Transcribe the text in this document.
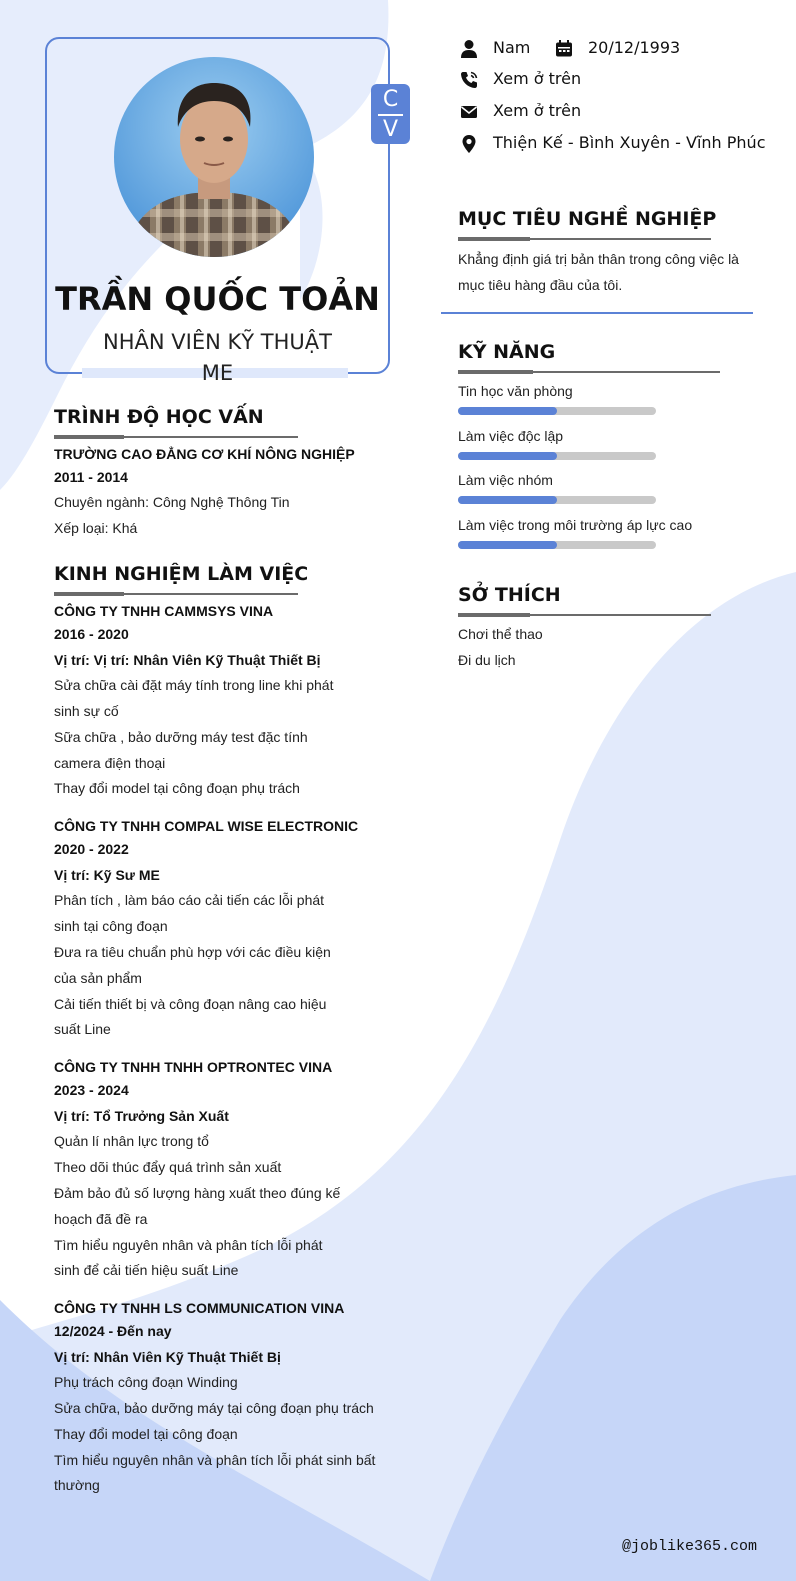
C
V
TRẦN QUỐC TOẢN
NHÂN VIÊN KỸ THUẬT
ME
TRÌNH ĐỘ HỌC VẤN
TRƯỜNG CAO ĐẲNG CƠ KHÍ NÔNG NGHIỆP
2011 - 2014
Chuyên ngành: Công Nghệ Thông Tin
Xếp loại: Khá
KINH NGHIỆM LÀM VIỆC
CÔNG TY TNHH CAMMSYS VINA
2016 - 2020
Vị trí: Vị trí: Nhân Viên Kỹ Thuật Thiết Bị
Sửa chữa cài đặt máy tính trong line khi phát
sinh sự cố
Sữa chữa , bảo dưỡng máy test đặc tính
camera điện thoại
Thay đổi model tại công đoạn phụ trách
CÔNG TY TNHH COMPAL WISE ELECTRONIC
2020 - 2022
Vị trí: Kỹ Sư ME
Phân tích , làm báo cáo cải tiến các lỗi phát
sinh tại công đoạn
Đưa ra tiêu chuẩn phù hợp với các điều kiện
của sản phẩm
Cải tiến thiết bị và công đoạn nâng cao hiệu
suất Line
CÔNG TY TNHH TNHH OPTRONTEC VINA
2023 - 2024
Vị trí: Tổ Trưởng Sản Xuất
Quản lí nhân lực trong tổ
Theo dõi thúc đẩy quá trình sản xuất
Đảm bảo đủ số lượng hàng xuất theo đúng kế
hoạch đã đề ra
Tìm hiểu nguyên nhân và phân tích lỗi phát
sinh để cải tiến hiệu suất Line
CÔNG TY TNHH LS COMMUNICATION VINA
12/2024 - Đến nay
Vị trí: Nhân Viên Kỹ Thuật Thiết Bị
Phụ trách công đoạn Winding
Sửa chữa, bảo dưỡng máy tại công đoạn phụ trách
Thay đổi model tại công đoạn
Tìm hiểu nguyên nhân và phân tích lỗi phát sinh bất
thường
Nam	20/12/1993
Xem ở trên
Xem ở trên
Thiện Kế - Bình Xuyên - Vĩnh Phúc
MỤC TIÊU NGHỀ NGHIỆP
Khẳng định giá trị bản thân trong công việc là
mục tiêu hàng đầu của tôi.
KỸ NĂNG
Tin học văn phòng
Làm việc độc lập
Làm việc nhóm
Làm việc trong môi trường áp lực cao
SỞ THÍCH
Chơi thể thao
Đi du lịch
@joblike365.com
